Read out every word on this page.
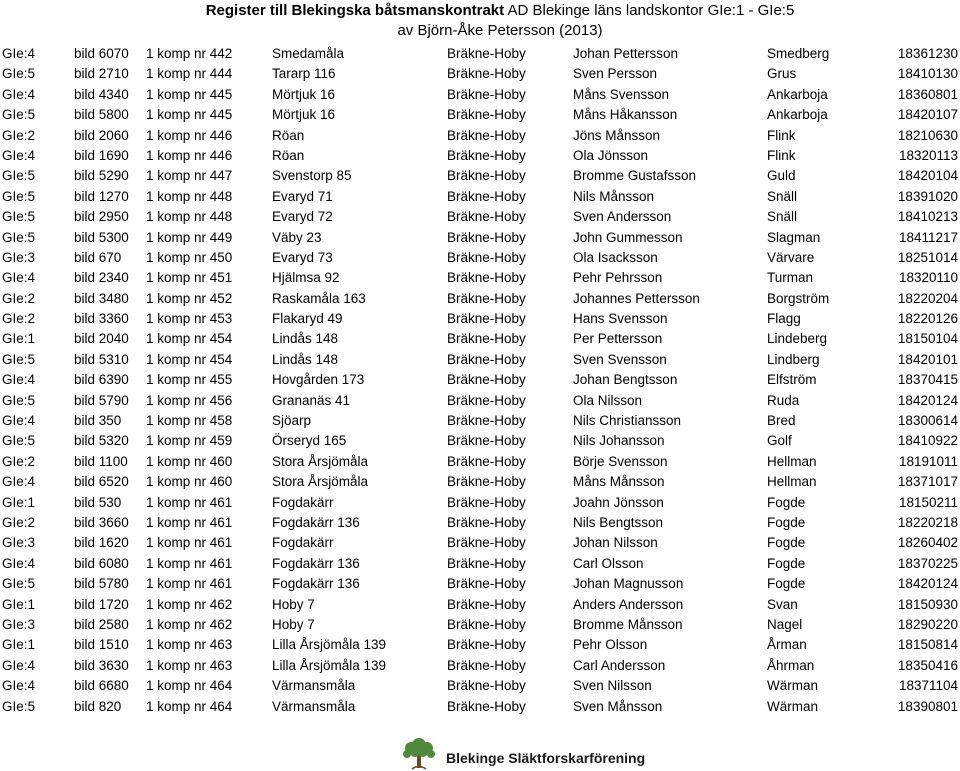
Register till Blekingska båtsmanskontrakt AD Blekinge läns landskontor GIe:1 - GIe:5
av Björn-Åke Petersson (2013)
GIe:4	bild 6070 1 komp nr 442	Smedamåla	Bräkne-Hoby	Johan Pettersson	Smedberg	18361230
GIe:5	bild 2710 1 komp nr 444	Tararp 116	Bräkne-Hoby	Sven Persson	Grus	18410130
GIe:4	bild 4340 1 komp nr 445	Mörtjuk 16	Bräkne-Hoby	Måns Svensson	Ankarboja	18360801
GIe:5	bild 5800 1 komp nr 445	Mörtjuk 16	Bräkne-Hoby	Måns Håkansson	Ankarboja	18420107
GIe:2	bild 2060 1 komp nr 446	Röan	Bräkne-Hoby	Jöns Månsson	Flink	18210630
GIe:4	bild 1690 1 komp nr 446	Röan	Bräkne-Hoby	Ola Jönsson	Flink	18320113
GIe:5	bild 5290 1 komp nr 447	Svenstorp 85	Bräkne-Hoby	Bromme Gustafsson	Guld	18420104
GIe:5	bild 1270 1 komp nr 448	Evaryd 71	Bräkne-Hoby	Nils Månsson	Snäll	18391020
GIe:5	bild 2950 1 komp nr 448	Evaryd 72	Bräkne-Hoby	Sven Andersson	Snäll	18410213
GIe:5	bild 5300 1 komp nr 449	Väby 23	Bräkne-Hoby	John Gummesson	Slagman	18411217
GIe:3	bild 670 1 komp nr 450	Evaryd 73	Bräkne-Hoby	Ola Isacksson	Värvare	18251014
GIe:4	bild 2340 1 komp nr 451	Hjälmsa 92	Bräkne-Hoby	Pehr Pehrsson	Turman	18320110
GIe:2	bild 3480 1 komp nr 452	Raskamåla 163	Bräkne-Hoby	Johannes Pettersson	Borgström	18220204
GIe:2	bild 3360 1 komp nr 453	Flakaryd 49	Bräkne-Hoby	Hans Svensson	Flagg	18220126
GIe:1	bild 2040 1 komp nr 454	Lindås 148	Bräkne-Hoby	Per Pettersson	Lindeberg	18150104
GIe:5	bild 5310 1 komp nr 454	Lindås 148	Bräkne-Hoby	Sven Svensson	Lindberg	18420101
GIe:4	bild 6390 1 komp nr 455	Hovgården 173	Bräkne-Hoby	Johan Bengtsson	Elfström	18370415
GIe:5	bild 5790 1 komp nr 456	Grananäs 41	Bräkne-Hoby	Ola Nilsson	Ruda	18420124
GIe:4	bild 350 1 komp nr 458	Sjöarp	Bräkne-Hoby	Nils Christiansson	Bred	18300614
GIe:5	bild 5320 1 komp nr 459	Örseryd 165	Bräkne-Hoby	Nils Johansson	Golf	18410922
GIe:2	bild 1100 1 komp nr 460	Stora Årsjömåla	Bräkne-Hoby	Börje Svensson	Hellman	18191011
GIe:4	bild 6520 1 komp nr 460	Stora Årsjömåla	Bräkne-Hoby	Måns Månsson	Hellman	18371017
GIe:1	bild 530 1 komp nr 461	Fogdakärr	Bräkne-Hoby	Joahn Jönsson	Fogde	18150211
GIe:2	bild 3660 1 komp nr 461	Fogdakärr 136	Bräkne-Hoby	Nils Bengtsson	Fogde	18220218
GIe:3	bild 1620 1 komp nr 461	Fogdakärr	Bräkne-Hoby	Johan Nilsson	Fogde	18260402
GIe:4	bild 6080 1 komp nr 461	Fogdakärr 136	Bräkne-Hoby	Carl Olsson	Fogde	18370225
GIe:5	bild 5780 1 komp nr 461	Fogdakärr 136	Bräkne-Hoby	Johan Magnusson	Fogde	18420124
GIe:1	bild 1720 1 komp nr 462	Hoby 7	Bräkne-Hoby	Anders Andersson	Svan	18150930
GIe:3	bild 2580 1 komp nr 462	Hoby 7	Bräkne-Hoby	Bromme Månsson	Nagel	18290220
GIe:1	bild 1510 1 komp nr 463	Lilla Årsjömåla 139	Bräkne-Hoby	Pehr Olsson	Årman	18150814
GIe:4	bild 3630 1 komp nr 463	Lilla Årsjömåla 139	Bräkne-Hoby	Carl Andersson	Åhrman	18350416
GIe:4	bild 6680 1 komp nr 464	Värmansmåla	Bräkne-Hoby	Sven Nilsson	Wärman	18371104
GIe:5	bild 820 1 komp nr 464	Värmansmåla	Bräkne-Hoby	Sven Månsson	Wärman	18390801
Blekinge Släktforskarförening
